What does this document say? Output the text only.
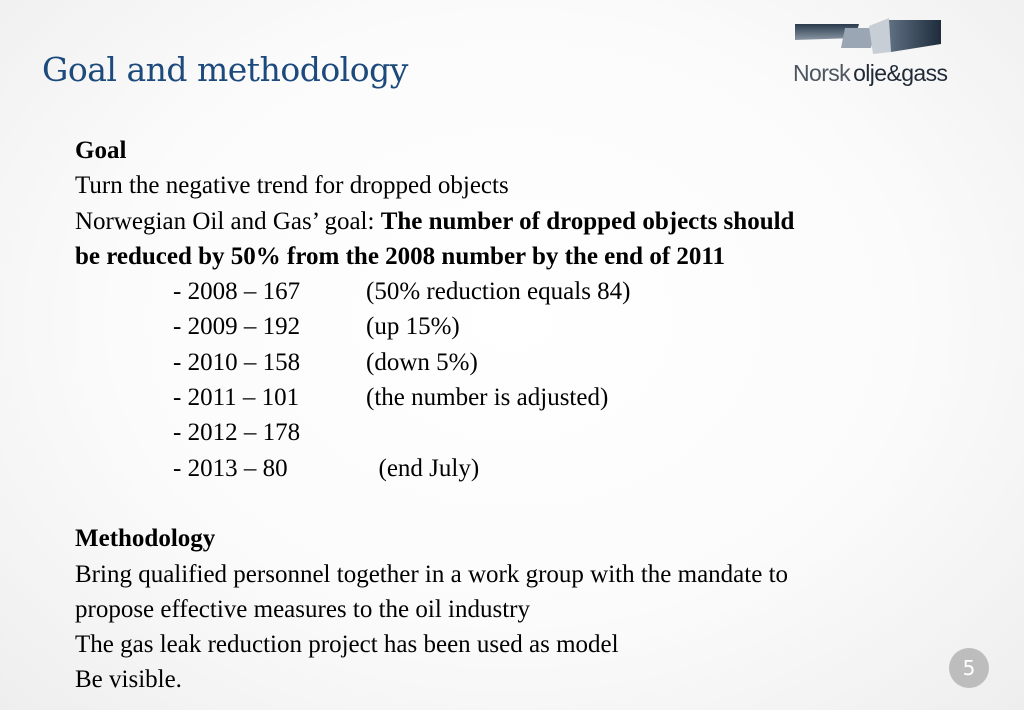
Goal and methodology	Norsk olje&gass

Goal

Turn the negative trend for dropped objects

Norwegian Oil and Gas’ goal: The number of dropped objects should

be reduced by 50% from the 2008 number by the end of 2011

- 2008 – 167	(50% reduction equals 84)

- 2009 – 192	(up 15%)

- 2010 – 158	(down 5%)

- 2011 – 101	(the number is adjusted)

- 2012 – 178

- 2013 – 80	(end July)

Methodology

Bring qualified personnel together in a work group with the mandate to

propose effective measures to the oil industry

The gas leak reduction project has been used as model

Be visible.	5
